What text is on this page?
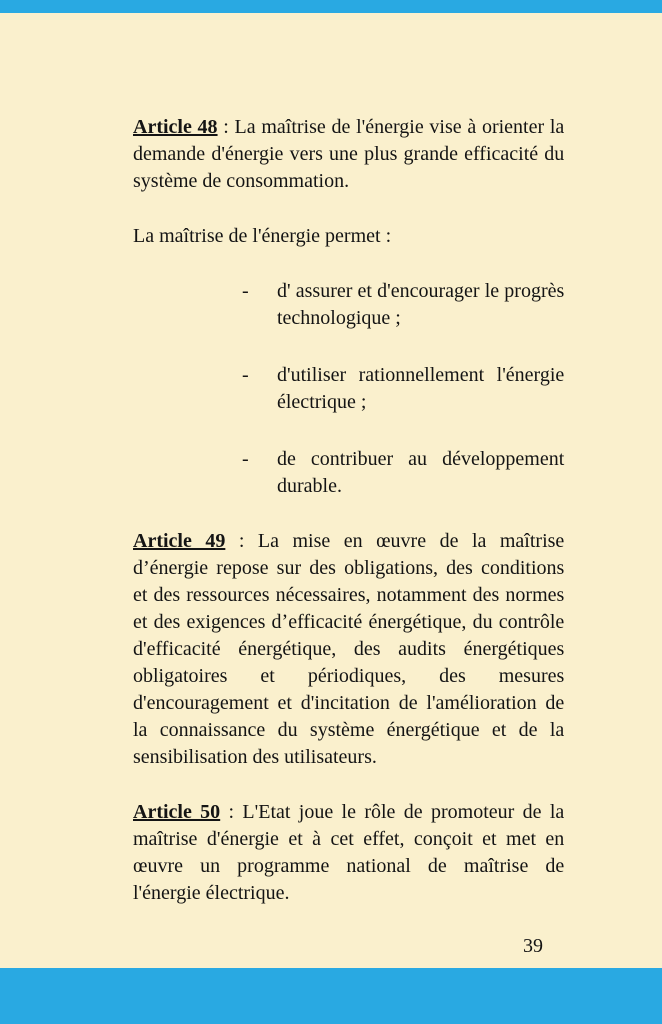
Article 48 : La maîtrise de l'énergie vise à orienter la demande d'énergie vers une plus grande efficacité du système de consommation.

La maîtrise de l'énergie permet :

-	d' assurer et d'encourager le progrès technologique ;
-	d'utiliser rationnellement l'énergie électrique ;
-	de contribuer au développement durable.

Article 49 : La mise en œuvre de la maîtrise d’énergie repose sur des obligations, des conditions et des ressources nécessaires, notamment des normes et des exigences dʼefficacité énergétique, du contrôle d'efficacité énergétique, des audits énergétiques obligatoires et périodiques, des mesures d'encouragement et d'incitation de l'amélioration de la connaissance du système énergétique et de la sensibilisation des utilisateurs.

Article 50 : L'Etat joue le rôle de promoteur de la maîtrise d'énergie et à cet effet, conçoit et met en œuvre un programme national de maîtrise de l'énergie électrique.

39
